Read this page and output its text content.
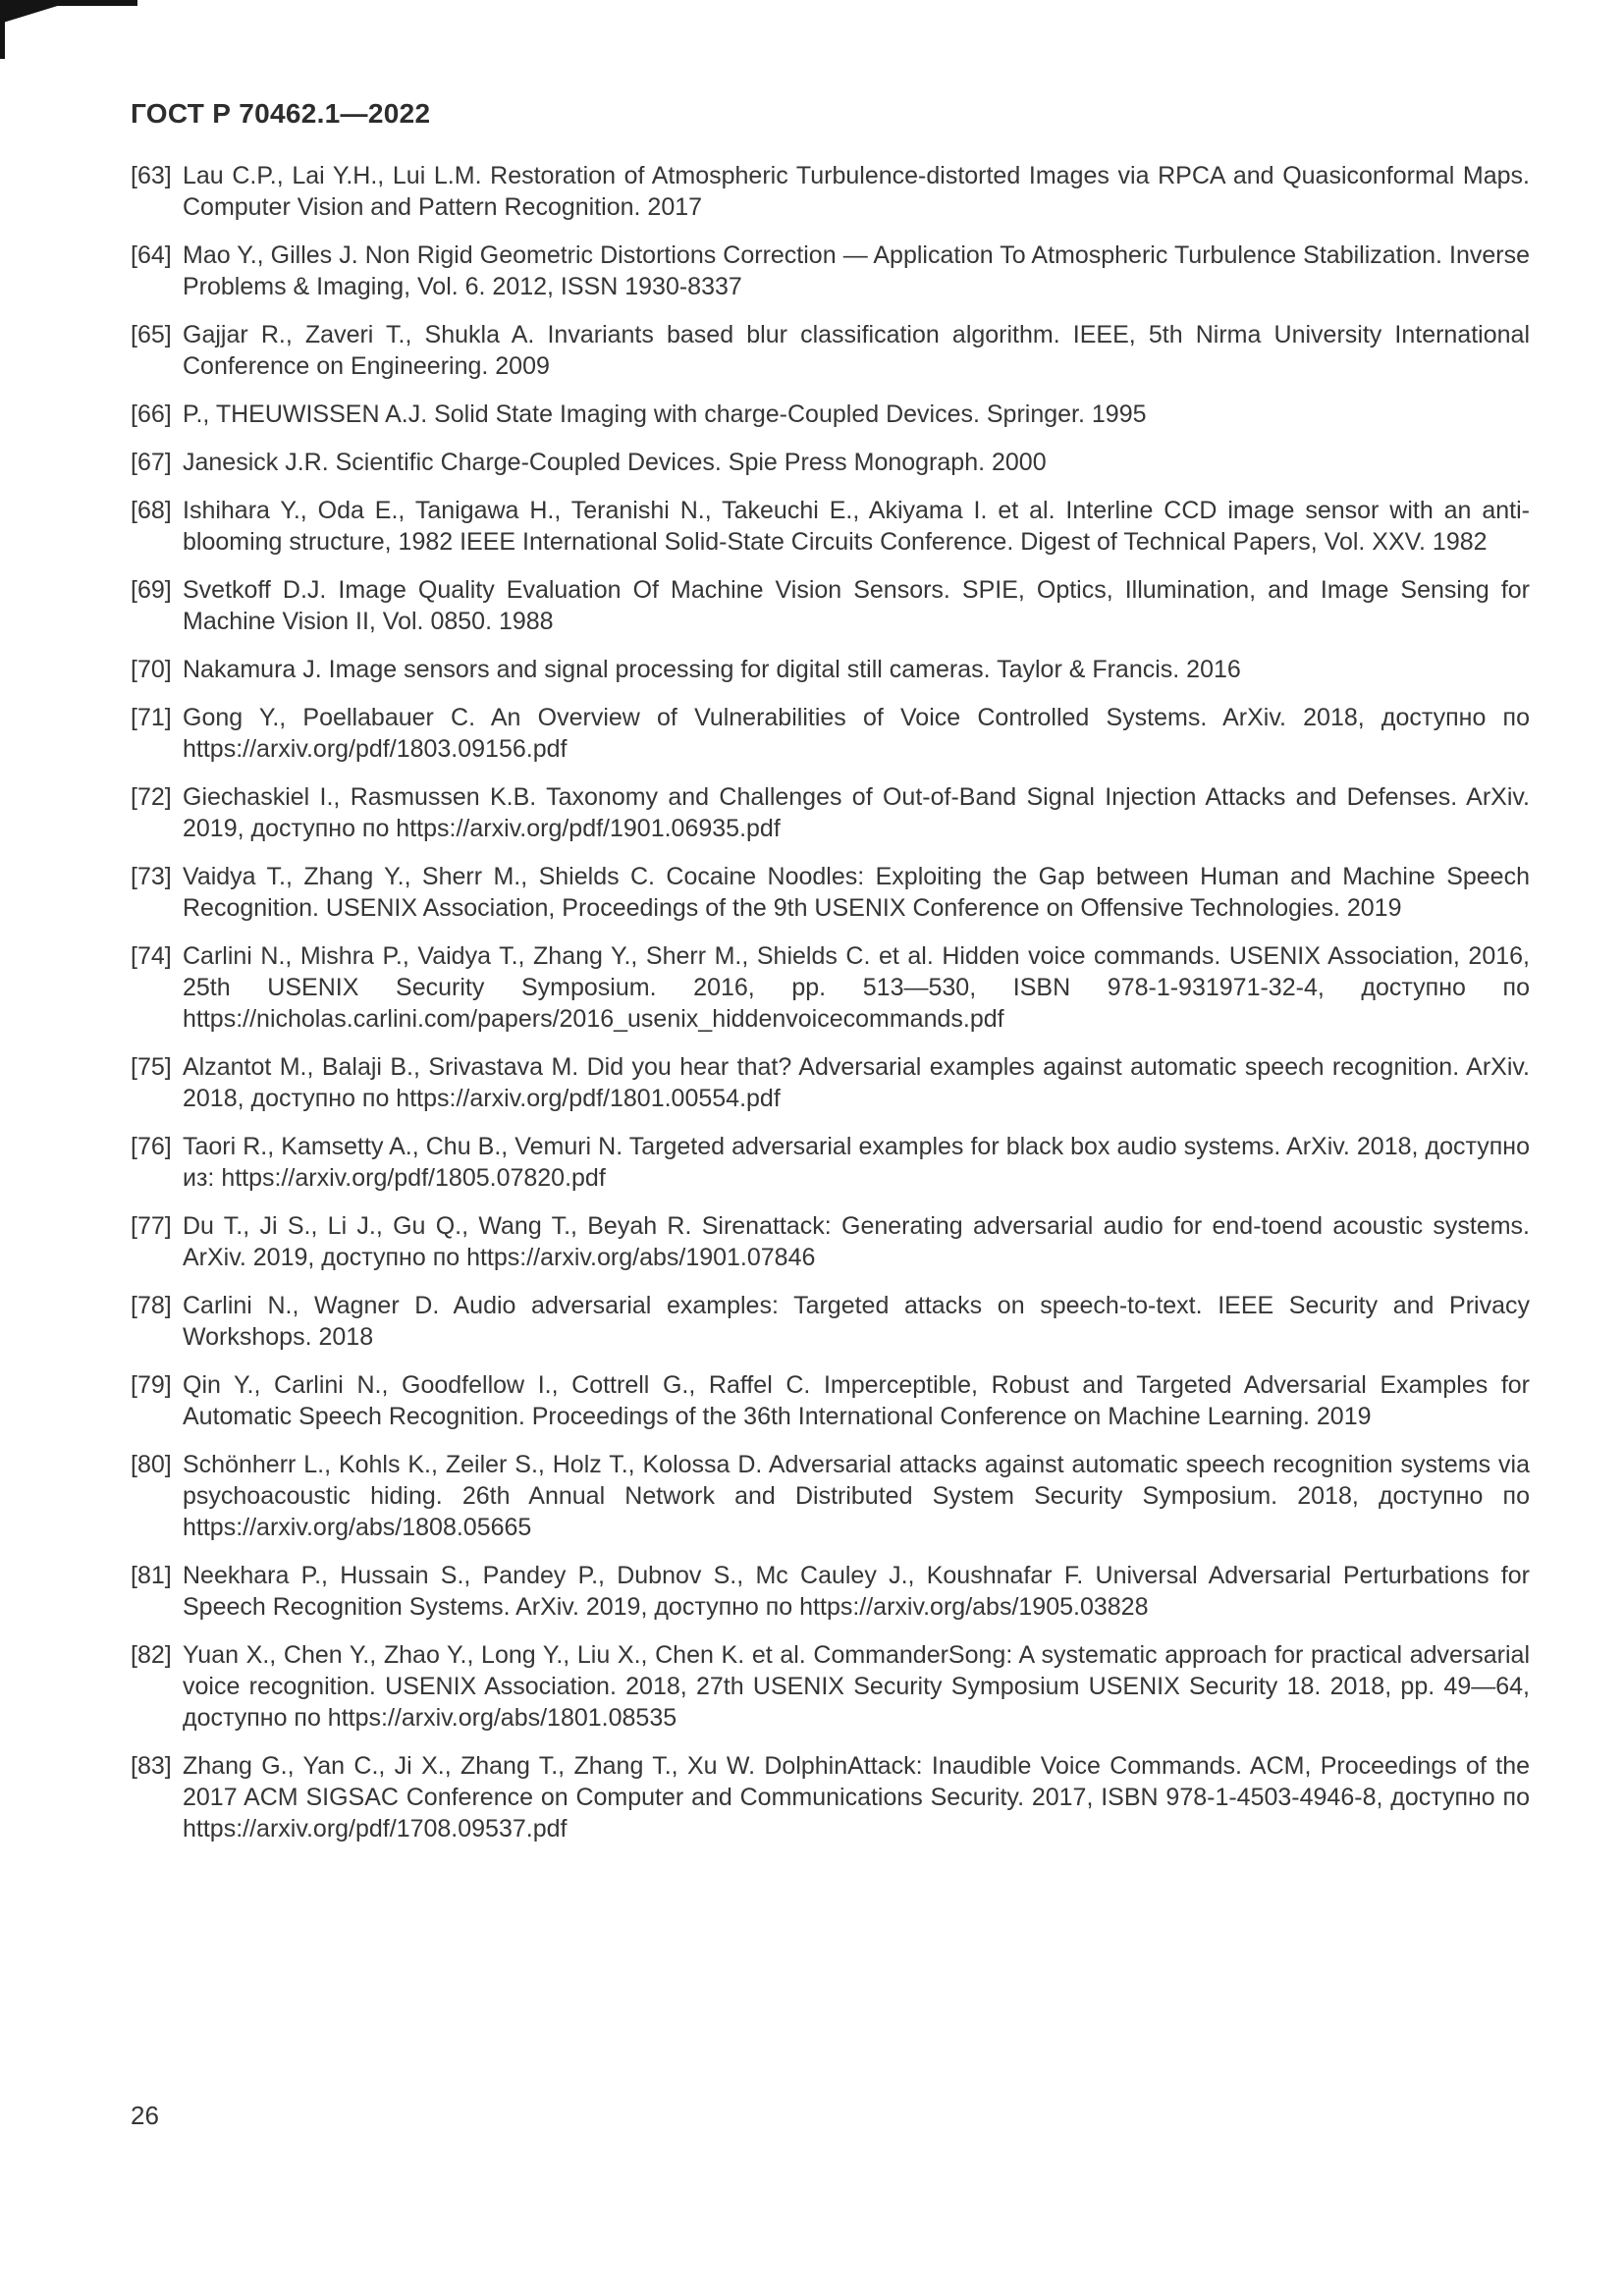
ГОСТ Р 70462.1—2022
[63] Lau C.P., Lai Y.H., Lui L.M. Restoration of Atmospheric Turbulence-distorted Images via RPCA and Quasiconformal Maps. Computer Vision and Pattern Recognition. 2017
[64] Mao Y., Gilles J. Non Rigid Geometric Distortions Correction — Application To Atmospheric Turbulence Stabilization. Inverse Problems & Imaging, Vol. 6. 2012, ISSN 1930-8337
[65] Gajjar R., Zaveri T., Shukla A. Invariants based blur classification algorithm. IEEE, 5th Nirma University International Conference on Engineering. 2009
[66] P., THEUWISSEN A.J. Solid State Imaging with charge-Coupled Devices. Springer. 1995
[67] Janesick J.R. Scientific Charge-Coupled Devices. Spie Press Monograph. 2000
[68] Ishihara Y., Oda E., Tanigawa H., Teranishi N., Takeuchi E., Akiyama I. et al. Interline CCD image sensor with an anti-blooming structure, 1982 IEEE International Solid-State Circuits Conference. Digest of Technical Papers, Vol. XXV. 1982
[69] Svetkoff D.J. Image Quality Evaluation Of Machine Vision Sensors. SPIE, Optics, Illumination, and Image Sensing for Machine Vision II, Vol. 0850. 1988
[70] Nakamura J. Image sensors and signal processing for digital still cameras. Taylor & Francis. 2016
[71] Gong Y., Poellabauer C. An Overview of Vulnerabilities of Voice Controlled Systems. ArXiv. 2018, доступно по https://arxiv.org/pdf/1803.09156.pdf
[72] Giechaskiel I., Rasmussen K.B. Taxonomy and Challenges of Out-of-Band Signal Injection Attacks and Defenses. ArXiv. 2019, доступно по https://arxiv.org/pdf/1901.06935.pdf
[73] Vaidya T., Zhang Y., Sherr M., Shields C. Cocaine Noodles: Exploiting the Gap between Human and Machine Speech Recognition. USENIX Association, Proceedings of the 9th USENIX Conference on Offensive Technologies. 2019
[74] Carlini N., Mishra P., Vaidya T., Zhang Y., Sherr M., Shields C. et al. Hidden voice commands. USENIX Association, 2016, 25th USENIX Security Symposium. 2016, pp. 513—530, ISBN 978-1-931971-32-4, доступно по https://nicholas.carlini.com/papers/2016_usenix_hiddenvoicecommands.pdf
[75] Alzantot M., Balaji B., Srivastava M. Did you hear that? Adversarial examples against automatic speech recognition. ArXiv. 2018, доступно по https://arxiv.org/pdf/1801.00554.pdf
[76] Taori R., Kamsetty A., Chu B., Vemuri N. Targeted adversarial examples for black box audio systems. ArXiv. 2018, доступно из: https://arxiv.org/pdf/1805.07820.pdf
[77] Du T., Ji S., Li J., Gu Q., Wang T., Beyah R. Sirenattack: Generating adversarial audio for end-toend acoustic systems. ArXiv. 2019, доступно по https://arxiv.org/abs/1901.07846
[78] Carlini N., Wagner D. Audio adversarial examples: Targeted attacks on speech-to-text. IEEE Security and Privacy Workshops. 2018
[79] Qin Y., Carlini N., Goodfellow I., Cottrell G., Raffel C. Imperceptible, Robust and Targeted Adversarial Examples for Automatic Speech Recognition. Proceedings of the 36th International Conference on Machine Learning. 2019
[80] Schönherr L., Kohls K., Zeiler S., Holz T., Kolossa D. Adversarial attacks against automatic speech recognition systems via psychoacoustic hiding. 26th Annual Network and Distributed System Security Symposium. 2018, доступно по https://arxiv.org/abs/1808.05665
[81] Neekhara P., Hussain S., Pandey P., Dubnov S., Mc Cauley J., Koushnafar F. Universal Adversarial Perturbations for Speech Recognition Systems. ArXiv. 2019, доступно по https://arxiv.org/abs/1905.03828
[82] Yuan X., Chen Y., Zhao Y., Long Y., Liu X., Chen K. et al. CommanderSong: A systematic approach for practical adversarial voice recognition. USENIX Association. 2018, 27th USENIX Security Symposium USENIX Security 18. 2018, pp. 49—64, доступно по https://arxiv.org/abs/1801.08535
[83] Zhang G., Yan C., Ji X., Zhang T., Zhang T., Xu W. DolphinAttack: Inaudible Voice Commands. ACM, Proceedings of the 2017 ACM SIGSAC Conference on Computer and Communications Security. 2017, ISBN 978-1-4503-4946-8, доступно по https://arxiv.org/pdf/1708.09537.pdf
26
